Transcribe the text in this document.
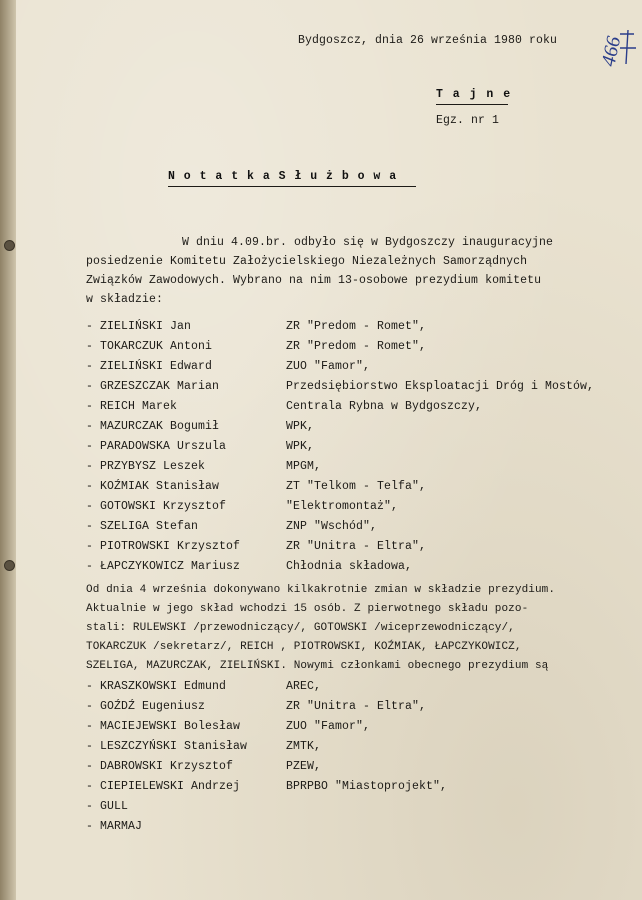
Bydgoszcz, dnia 26 września 1980 roku 466
T a j n e
Egz. nr 1
N o t a t k a S ł u ż b o w a
W dniu 4.09.br. odbyło się w Bydgoszczy inauguracyjne
posiedzenie Komitetu Założycielskiego Niezależnych Samorządnych
Związków Zawodowych. Wybrano na nim 13-osobowe prezydium komitetu
w składzie:
- ZIELIŃSKI Jan	ZR "Predom - Romet",
- TOKARCZUK Antoni	ZR "Predom - Romet",
- ZIELIŃSKI Edward	ZUO "Famor",
- GRZESZCZAK Marian	Przedsiębiorstwo Eksploatacji Dróg i Mostów,
- REICH Marek	Centrala Rybna w Bydgoszczy,
- MAZURCZAK Bogumił	WPK,
- PARADOWSKA Urszula	WPK,
- PRZYBYSZ Leszek	MPGM,
- KOŹMIAK Stanisław	ZT "Telkom - Telfa",
- GOTOWSKI Krzysztof	"Elektromontaż",
- SZELIGA Stefan	ZNP "Wschód",
- PIOTROWSKI Krzysztof	ZR "Unitra - Eltra",
- ŁAPCZYKOWICZ Mariusz	Chłodnia składowa,
Od dnia 4 września dokonywano kilkakrotnie zmian w składzie prezydium.
Aktualnie w jego skład wchodzi 15 osób. Z pierwotnego składu pozo-
stali: RULEWSKI /przewodniczący/, GOTOWSKI /wiceprzewodniczący/,
TOKARCZUK /sekretarz/, REICH , PIOTROWSKI, KOŹMIAK, ŁAPCZYKOWICZ,
SZELIGA, MAZURCZAK, ZIELIŃSKI. Nowymi członkami obecnego prezydium są
- KRASZKOWSKI Edmund	AREC,
- GOŹDŹ Eugeniusz	ZR "Unitra - Eltra",
- MACIEJEWSKI Bolesław	ZUO "Famor",
- LESZCZYŃSKI Stanisław	ZMTK,
- DABROWSKI Krzysztof	PZEW,
- CIEPIELEWSKI Andrzej	BPRPBO "Miastoprojekt",
- GULL
- MARMAJ
